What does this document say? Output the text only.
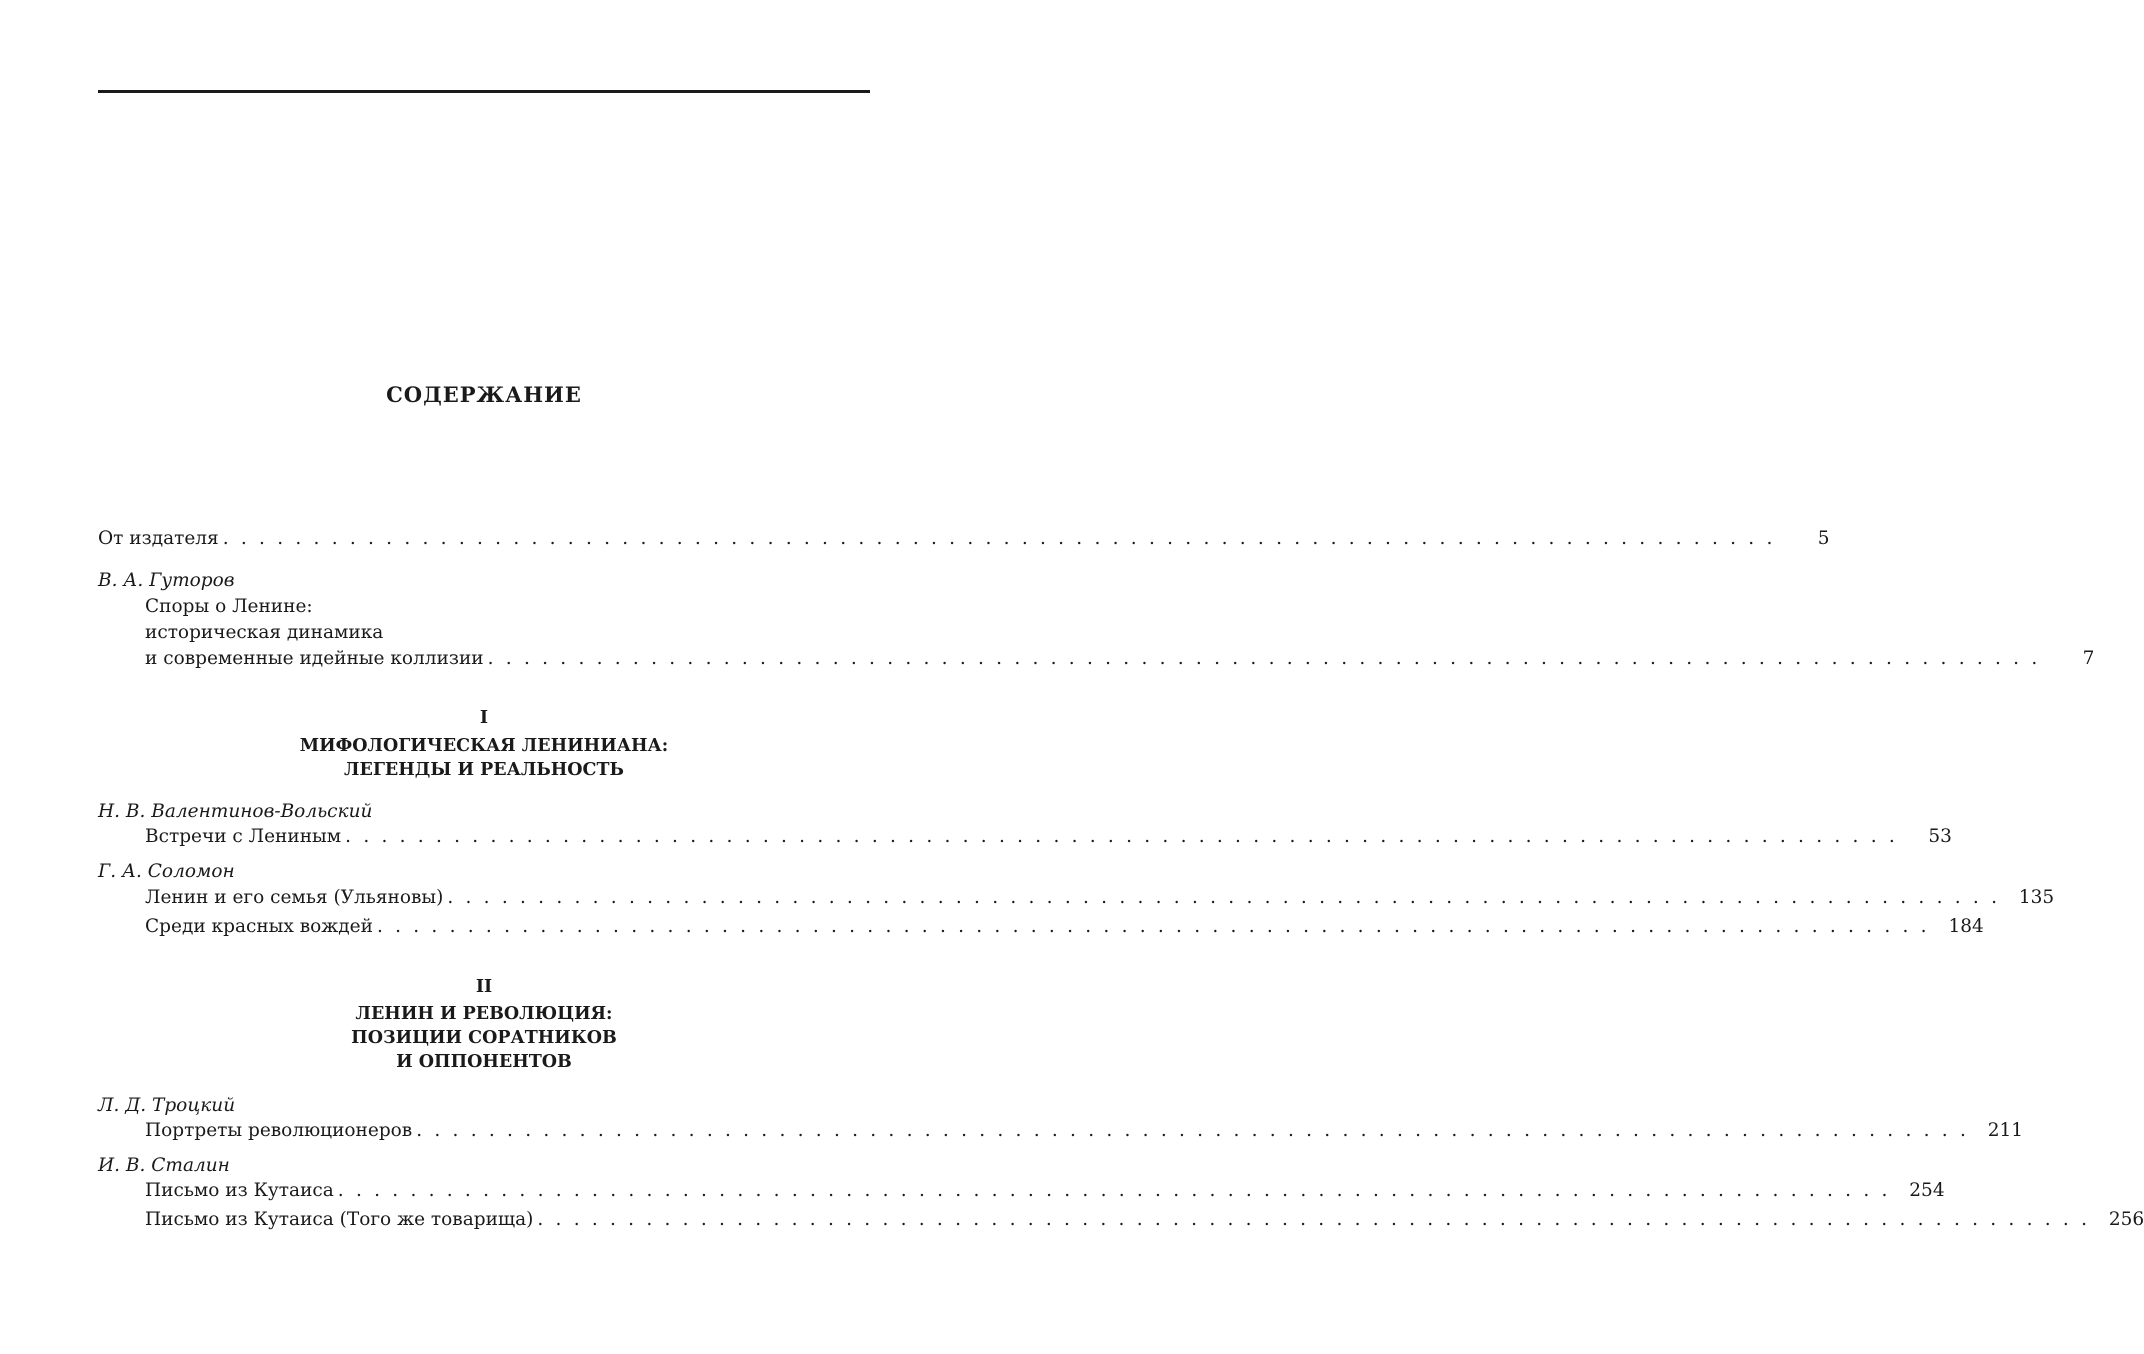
СОДЕРЖАНИЕ
От издателя . . . . . . . . . . . . . . . . . . . . . . . . . . . . . . . . . . . . . . . . . . . . . . . . . . . . . . . . . . . . . . . . . . . . . . . . . . . . . . . . . . . . . .	5
В. А. Гуторов
Споры о Ленине:
историческая динамика
и современные идейные коллизии . . . . . . . . . . . . . . . . . . . . . . . . . . . . . . . . . . . . . . . . . . . . . . . . . . . . . . . . . . . . . . . . . . . . . . . . . . . . . . . . . . . . . .	7
I
МИФОЛОГИЧЕСКАЯ ЛЕНИНИАНА:
ЛЕГЕНДЫ И РЕАЛЬНОСТЬ
Н. В. Валентинов-Вольский
Встречи с Лениным . . . . . . . . . . . . . . . . . . . . . . . . . . . . . . . . . . . . . . . . . . . . . . . . . . . . . . . . . . . . . . . . . . . . . . . . . . . . . . . . . . . . . .	53
Г. А. Соломон
Ленин и его семья (Ульяновы) . . . . . . . . . . . . . . . . . . . . . . . . . . . . . . . . . . . . . . . . . . . . . . . . . . . . . . . . . . . . . . . . . . . . . . . . . . . . . . . . . . . . . .	135
Среди красных вождей . . . . . . . . . . . . . . . . . . . . . . . . . . . . . . . . . . . . . . . . . . . . . . . . . . . . . . . . . . . . . . . . . . . . . . . . . . . . . . . . . . . . . .	184
II
ЛЕНИН И РЕВОЛЮЦИЯ:
ПОЗИЦИИ СОРАТНИКОВ
И ОППОНЕНТОВ
Л. Д. Троцкий
Портреты революционеров . . . . . . . . . . . . . . . . . . . . . . . . . . . . . . . . . . . . . . . . . . . . . . . . . . . . . . . . . . . . . . . . . . . . . . . . . . . . . . . . . . . . . .	211
И. В. Сталин
Письмо из Кутаиса . . . . . . . . . . . . . . . . . . . . . . . . . . . . . . . . . . . . . . . . . . . . . . . . . . . . . . . . . . . . . . . . . . . . . . . . . . . . . . . . . . . . . .	254
Письмо из Кутаиса (Того же товарища) . . . . . . . . . . . . . . . . . . . . . . . . . . . . . . . . . . . . . . . . . . . . . . . . . . . . . . . . . . . . . . . . . . . . . . . . . . . . . . . . . . . . . .	256
